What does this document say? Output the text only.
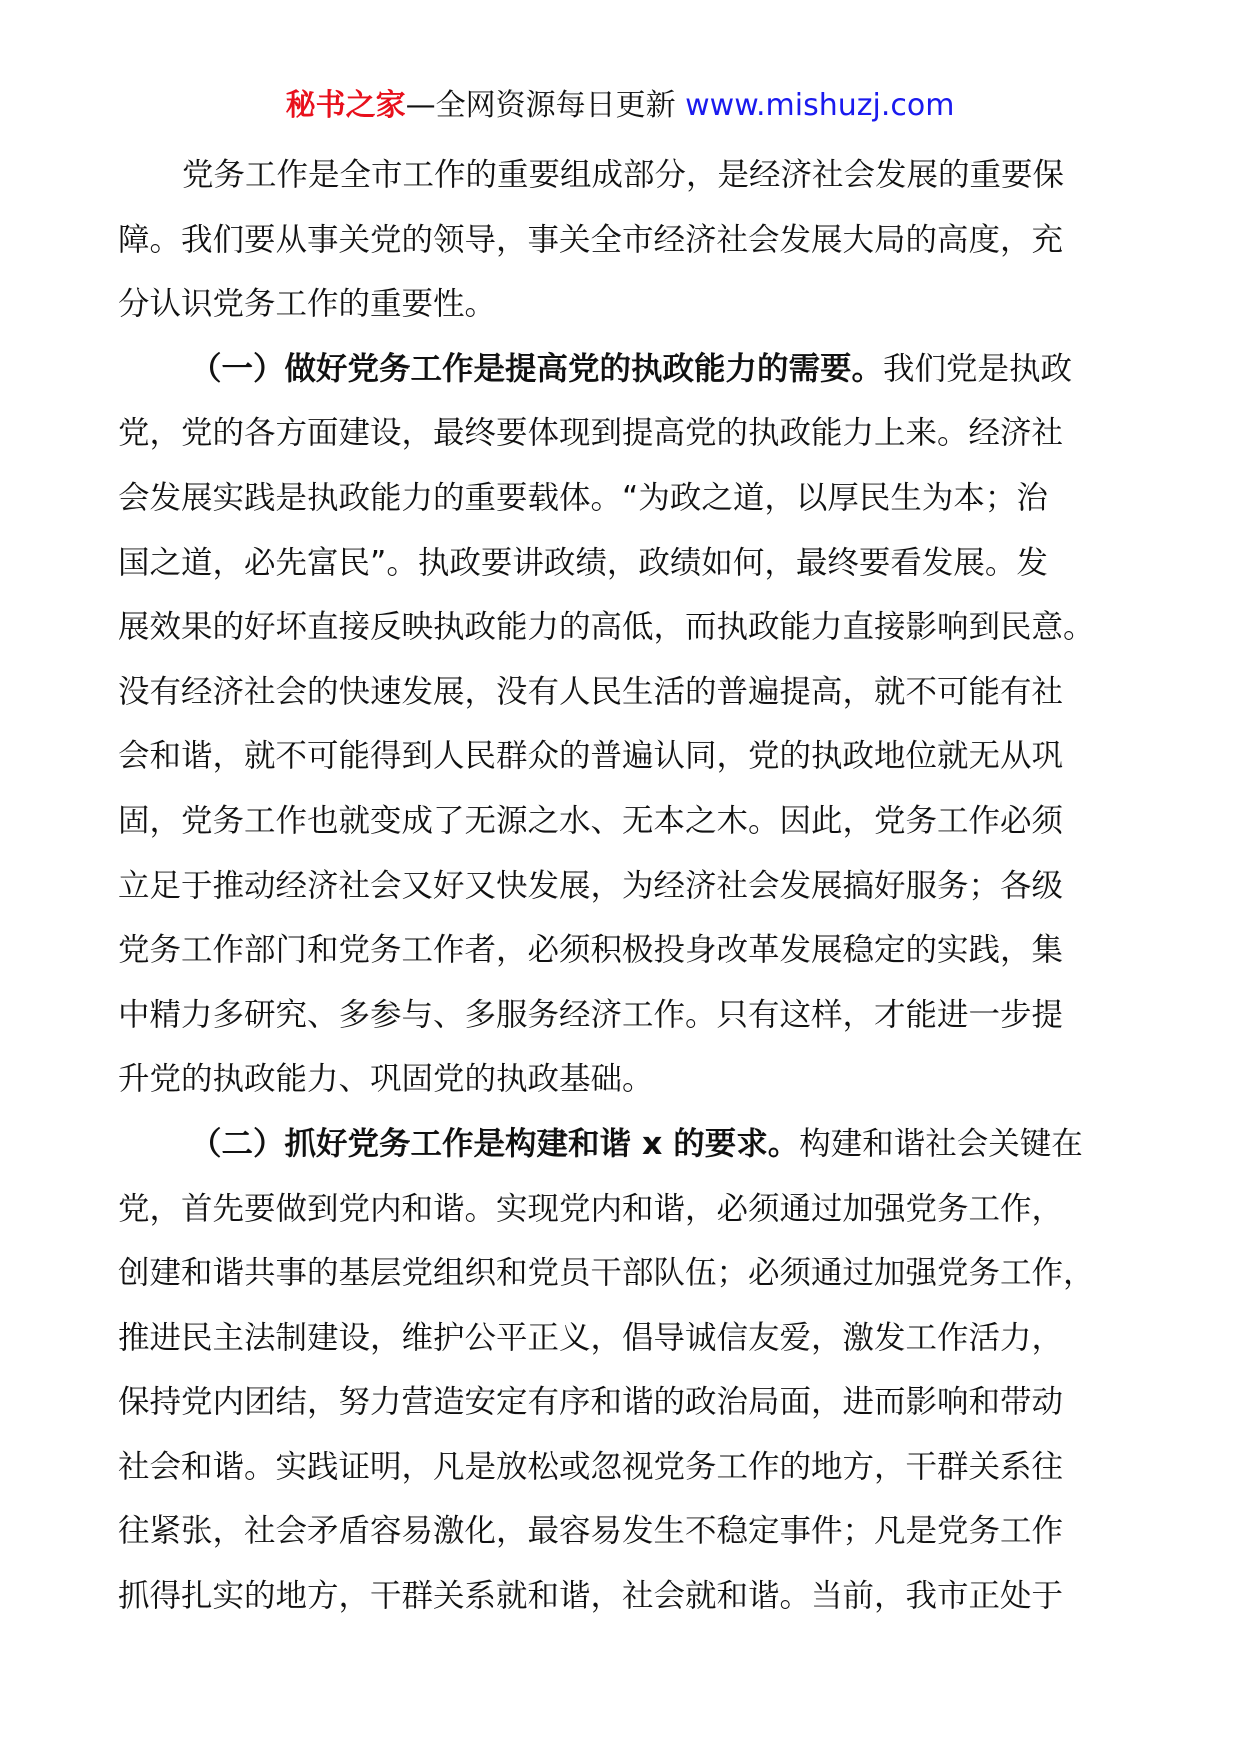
秘书之家—全网资源每日更新 www.mishuzj.com
党务工作是全市工作的重要组成部分，是经济社会发展的重要保
障。我们要从事关党的领导，事关全市经济社会发展大局的高度，充
分认识党务工作的重要性。
（一）做好党务工作是提高党的执政能力的需要。我们党是执政
党，党的各方面建设，最终要体现到提高党的执政能力上来。经济社
会发展实践是执政能力的重要载体。“为政之道，以厚民生为本；治
国之道，必先富民”。执政要讲政绩，政绩如何，最终要看发展。发
展效果的好坏直接反映执政能力的高低，而执政能力直接影响到民意。
没有经济社会的快速发展，没有人民生活的普遍提高，就不可能有社
会和谐，就不可能得到人民群众的普遍认同，党的执政地位就无从巩
固，党务工作也就变成了无源之水、无本之木。因此，党务工作必须
立足于推动经济社会又好又快发展，为经济社会发展搞好服务；各级
党务工作部门和党务工作者，必须积极投身改革发展稳定的实践，集
中精力多研究、多参与、多服务经济工作。只有这样，才能进一步提
升党的执政能力、巩固党的执政基础。
（二）抓好党务工作是构建和谐 x 的要求。构建和谐社会关键在
党，首先要做到党内和谐。实现党内和谐，必须通过加强党务工作，
创建和谐共事的基层党组织和党员干部队伍；必须通过加强党务工作，
推进民主法制建设，维护公平正义，倡导诚信友爱，激发工作活力，
保持党内团结，努力营造安定有序和谐的政治局面，进而影响和带动
社会和谐。实践证明，凡是放松或忽视党务工作的地方，干群关系往
往紧张，社会矛盾容易激化，最容易发生不稳定事件；凡是党务工作
抓得扎实的地方，干群关系就和谐，社会就和谐。当前，我市正处于
